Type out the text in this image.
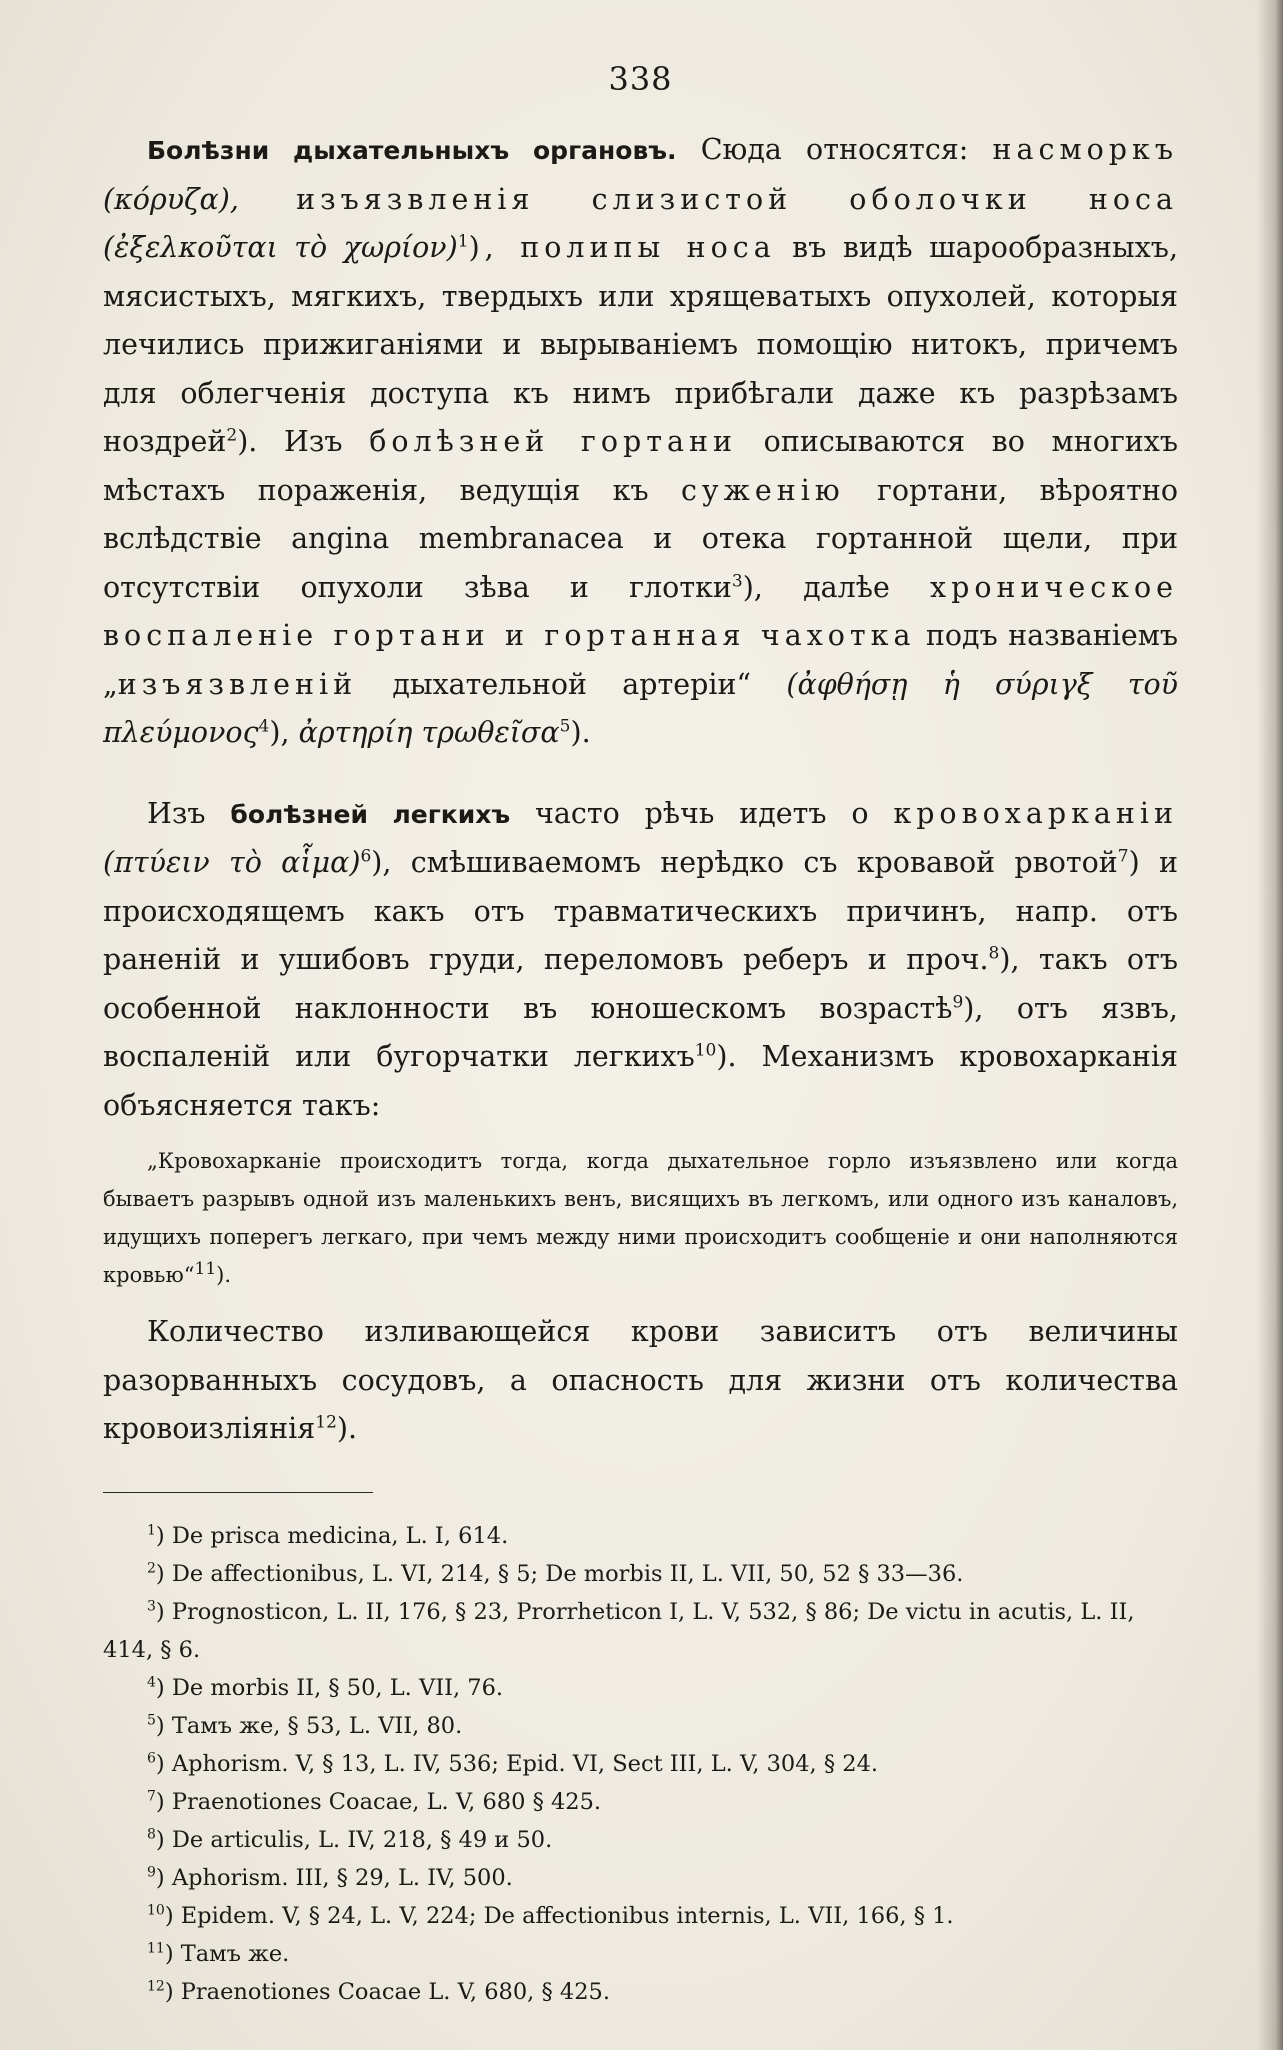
338

Болѣзни дыхательныхъ органовъ. Сюда относятся: насморкъ (κόρυζα), изъязвленія слизистой оболочки носа (ἐξελκοῦται τὸ χωρίον)$^1$), полипы носа въ видѣ шарообразныхъ, мясистыхъ, мягкихъ, твердыхъ или хрящеватыхъ опухолей, которыя лечились прижиганіями и вырываніемъ помощію нитокъ, причемъ для облегченія доступа къ нимъ прибѣгали даже къ разрѣзамъ ноздрей$^2$). Изъ болѣзней гортани описываются во многихъ мѣстахъ пораженія, ведущія къ суженію гортани, вѣроятно вслѣдствіе angina membranacea и отека гортанной щели, при отсутствіи опухоли зѣва и глотки$^3$), далѣе хроническое воспаленіе гортани и гортанная чахотка подъ названіемъ „изъязвленій дыхательной артеріи“ (ἀφθήσῃ ἡ σύριγξ τοῦ πλεύμονος$^4$), ἀρτηρίη τρωθεῖσα$^5$).

Изъ болѣзней легкихъ часто рѣчь идетъ о кровохарканіи (πτύειν τὸ αἷμα)$^6$), смѣшиваемомъ нерѣдко съ кровавой рвотой$^7$) и происходящемъ какъ отъ травматическихъ причинъ, напр. отъ раненій и ушибовъ груди, переломовъ реберъ и проч.$^8$), такъ отъ особенной наклонности въ юношескомъ возрастѣ$^9$), отъ язвъ, воспаленій или бугорчатки легкихъ$^{10}$). Механизмъ кровохарканія объясняется такъ:

„Кровохарканіе происходитъ тогда, когда дыхательное горло изъязвлено или когда бываетъ разрывъ одной изъ маленькихъ венъ, висящихъ въ легкомъ, или одного изъ каналовъ, идущихъ поперегъ легкаго, при чемъ между ними происходитъ сообщеніе и они наполняются кровью“$^{11}$).

Количество изливающейся крови зависитъ отъ величины разорванныхъ сосудовъ, а опасность для жизни отъ количества кровоизліянія$^{12}$).

$^1$) De prisca medicina, L. I, 614.

$^2$) De affectionibus, L. VI, 214, § 5; De morbis II, L. VII, 50, 52 § 33—36.

$^3$) Prognosticon, L. II, 176, § 23, Prorrheticon I, L. V, 532, § 86; De victu in acutis, L. II, 414, § 6.

$^4$) De morbis II, § 50, L. VII, 76.

$^5$) Тамъ же, § 53, L. VII, 80.

$^6$) Aphorism. V, § 13, L. IV, 536; Epid. VI, Sect III, L. V, 304, § 24.

$^7$) Praenotiones Coacae, L. V, 680 § 425.

$^8$) De articulis, L. IV, 218, § 49 и 50.

$^9$) Aphorism. III, § 29, L. IV, 500.

$^{10}$) Epidem. V, § 24, L. V, 224; De affectionibus internis, L. VII, 166, § 1.

$^{11}$) Тамъ же.

$^{12}$) Praenotiones Coacae L. V, 680, § 425.
